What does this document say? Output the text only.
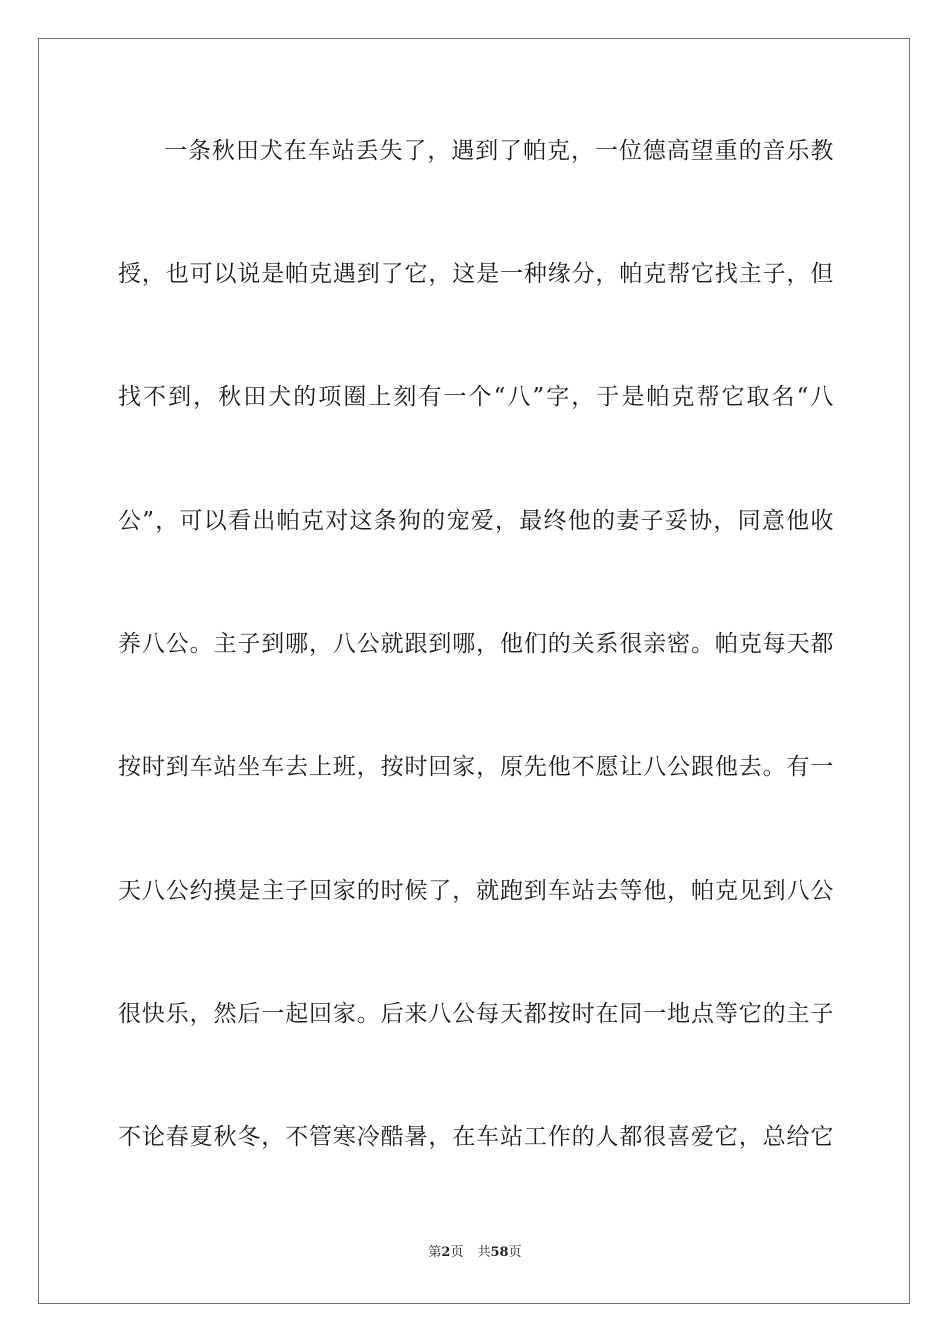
一条秋田犬在车站丢失了，遇到了帕克，一位德高望重的音乐教
授，也可以说是帕克遇到了它，这是一种缘分，帕克帮它找主子，但
找不到，秋田犬的项圈上刻有一个“八”字，于是帕克帮它取名“八
公”，可以看出帕克对这条狗的宠爱，最终他的妻子妥协，同意他收
养八公。主子到哪，八公就跟到哪，他们的关系很亲密。帕克每天都
按时到车站坐车去上班，按时回家，原先他不愿让八公跟他去。有一
天八公约摸是主子回家的时候了，就跑到车站去等他，帕克见到八公
很快乐，然后一起回家。后来八公每天都按时在同一地点等它的主子
不论春夏秋冬，不管寒冷酷暑，在车站工作的人都很喜爱它，总给它
第2页 共58页
